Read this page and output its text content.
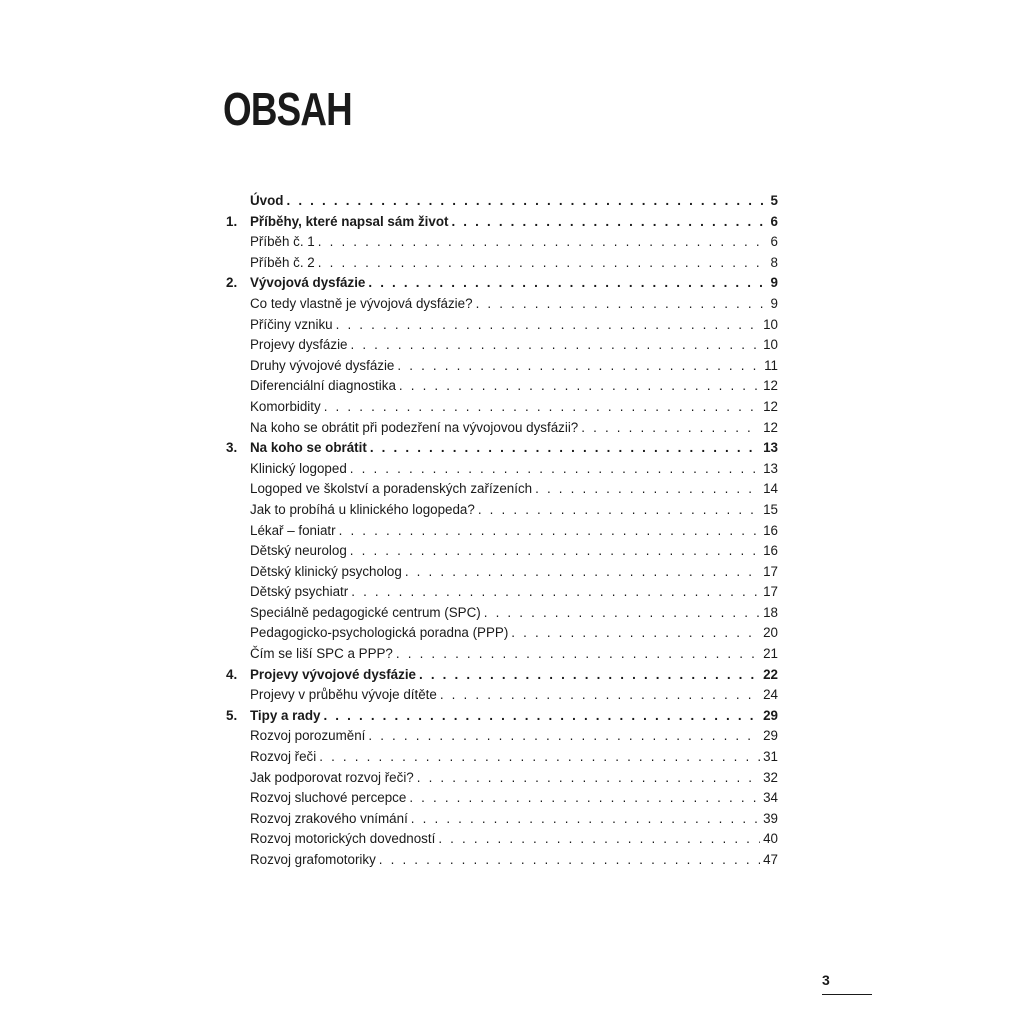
OBSAH
Úvod . . .	5
1. Příběhy, které napsal sám život . . .	6
Příběh č. 1 . . .	6
Příběh č. 2 . . .	8
2. Vývojová dysfázie . . .	9
Co tedy vlastně je vývojová dysfázie? . . .	9
Příčiny vzniku . . .	10
Projevy dysfázie . . .	10
Druhy vývojové dysfázie . . .	11
Diferenciální diagnostika . . .	12
Komorbidity . . .	12
Na koho se obrátit při podezření na vývojovou dysfázii? . . .	12
3. Na koho se obrátit . . .	13
Klinický logoped . . .	13
Logoped ve školství a poradenských zařízeních . . .	14
Jak to probíhá u klinického logopeda? . . .	15
Lékař – foniatr . . .	16
Dětský neurolog . . .	16
Dětský klinický psycholog . . .	17
Dětský psychiatr . . .	17
Speciálně pedagogické centrum (SPC) . . .	18
Pedagogicko-psychologická poradna (PPP) . . .	20
Čím se liší SPC a PPP? . . .	21
4. Projevy vývojové dysfázie . . .	22
Projevy v průběhu vývoje dítěte . . .	24
5. Tipy a rady . . .	29
Rozvoj porozumění . . .	29
Rozvoj řeči . . .	31
Jak podporovat rozvoj řeči? . . .	32
Rozvoj sluchové percepce . . .	34
Rozvoj zrakového vnímání . . .	39
Rozvoj motorických dovedností . . .	40
Rozvoj grafomotoriky . . .	47
3
